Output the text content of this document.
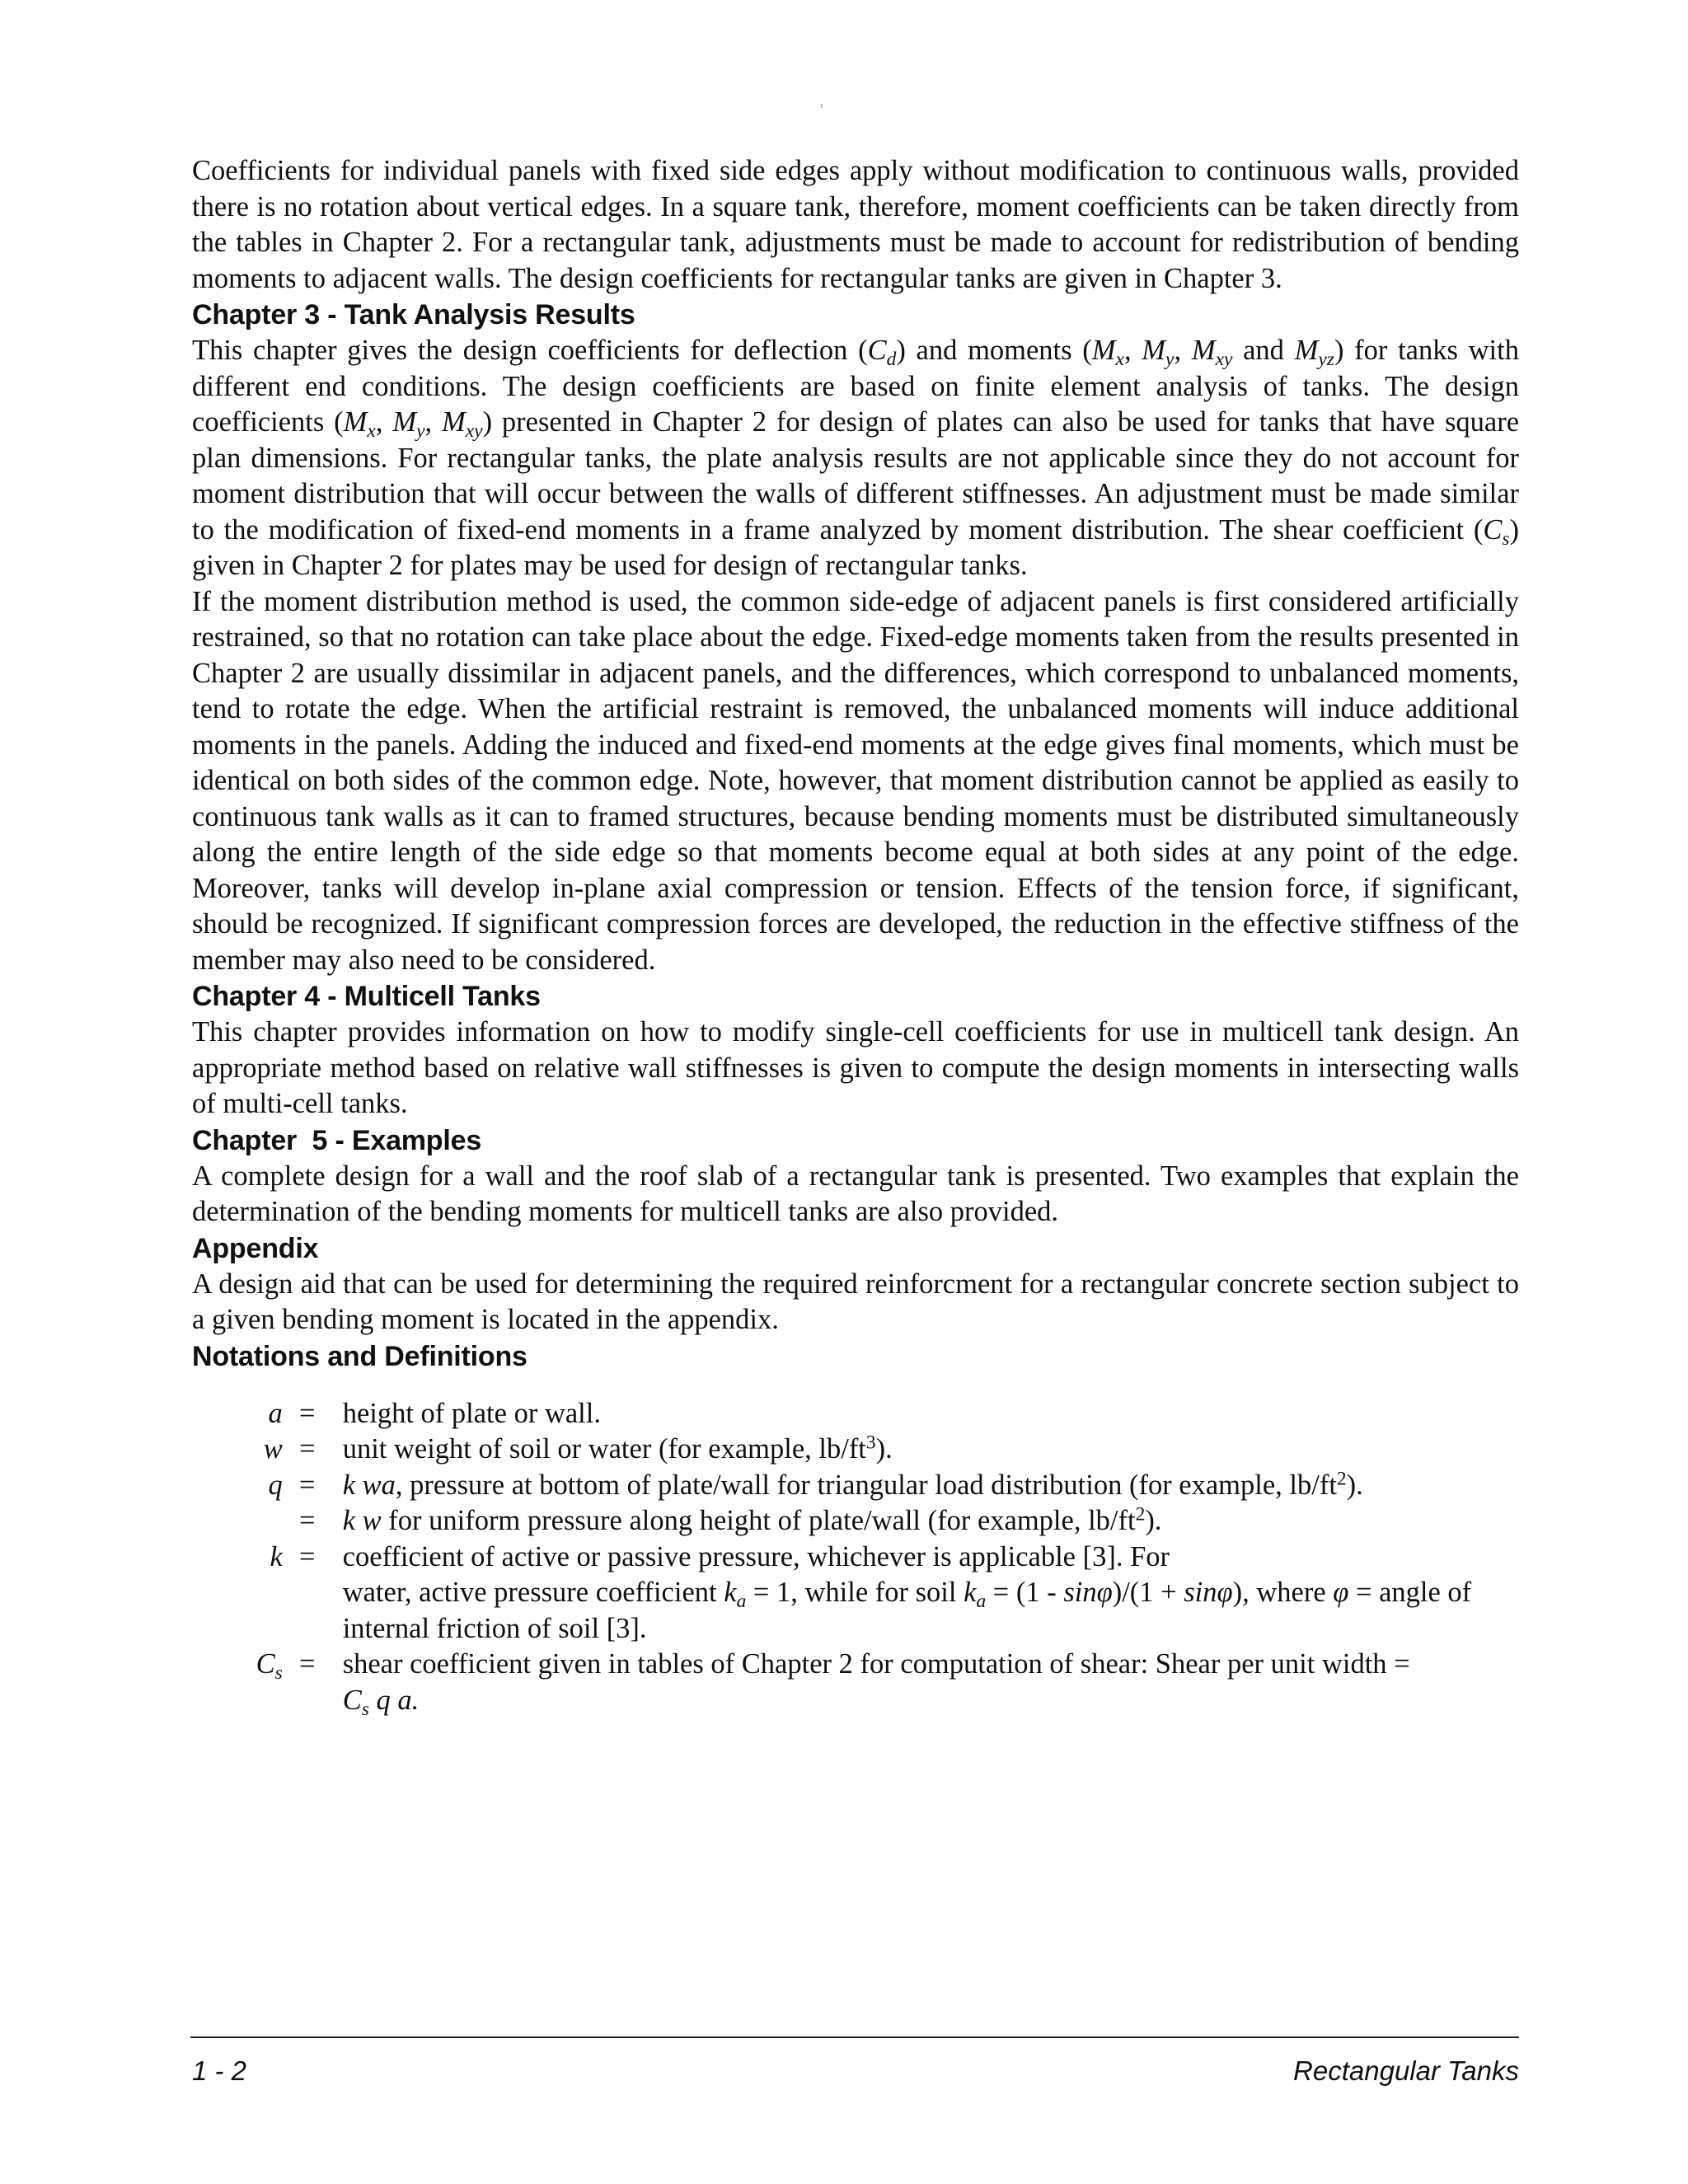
Coefficients for individual panels with fixed side edges apply without modification to continuous walls, provided there is no rotation about vertical edges. In a square tank, therefore, moment coefficients can be taken directly from the tables in Chapter 2. For a rectangular tank, adjustments must be made to account for redistribution of bending moments to adjacent walls. The design coefficients for rectangular tanks are given in Chapter 3.

Chapter 3 - Tank Analysis Results

This chapter gives the design coefficients for deflection $(C_d)$ and moments ($M_x$, $M_y$, $M_{xy}$ and $M_{yz}$) for tanks with different end conditions. The design coefficients are based on finite element analysis of tanks. The design coefficients ($M_x$, $M_y$, $M_{xy}$) presented in Chapter 2 for design of plates can also be used for tanks that have square plan dimensions. For rectangular tanks, the plate analysis results are not applicable since they do not account for moment distribution that will occur between the walls of different stiffnesses. An adjustment must be made similar to the modification of fixed-end moments in a frame analyzed by moment distribution. The shear coefficient $(C_s)$ given in Chapter 2 for plates may be used for design of rectangular tanks.

If the moment distribution method is used, the common side-edge of adjacent panels is first considered artificially restrained, so that no rotation can take place about the edge. Fixed-edge moments taken from the results presented in Chapter 2 are usually dissimilar in adjacent panels, and the differences, which correspond to unbalanced moments, tend to rotate the edge. When the artificial restraint is removed, the unbalanced moments will induce additional moments in the panels. Adding the induced and fixed-end moments at the edge gives final moments, which must be identical on both sides of the common edge. Note, however, that moment distribution cannot be applied as easily to continuous tank walls as it can to framed structures, because bending moments must be distributed simultaneously along the entire length of the side edge so that moments become equal at both sides at any point of the edge. Moreover, tanks will develop in-plane axial compression or tension. Effects of the tension force, if significant, should be recognized. If significant compression forces are developed, the reduction in the effective stiffness of the member may also need to be considered.

Chapter 4 - Multicell Tanks

This chapter provides information on how to modify single-cell coefficients for use in multicell tank design. An appropriate method based on relative wall stiffnesses is given to compute the design moments in intersecting walls of multi-cell tanks.

Chapter  5 - Examples

A complete design for a wall and the roof slab of a rectangular tank is presented. Two examples that explain the determination of the bending moments for multicell tanks are also provided.

Appendix

A design aid that can be used for determining the required reinforcment for a rectangular concrete section subject to a given bending moment is located in the appendix.

Notations and Definitions
a = height of plate or wall.
w = unit weight of soil or water (for example, $lb/ft^3$).
q = k wa, pressure at bottom of plate/wall for triangular load distribution (for example, $lb/ft^2$).
= k w for uniform pressure along height of plate/wall (for example, $lb/ft^2$).
k = coefficient of active or passive pressure, whichever is applicable [3]. For
water, active pressure coefficient $k_a = 1$, while for soil $k_a = (1 - \sin\varphi)/(1 + \sin\varphi)$, where φ = angle of internal friction of soil [3].
$C_s$ = shear coefficient given in tables of Chapter 2 for computation of shear: Shear per unit width =
$C_s$ q a.
1 - 2	Rectangular Tanks
